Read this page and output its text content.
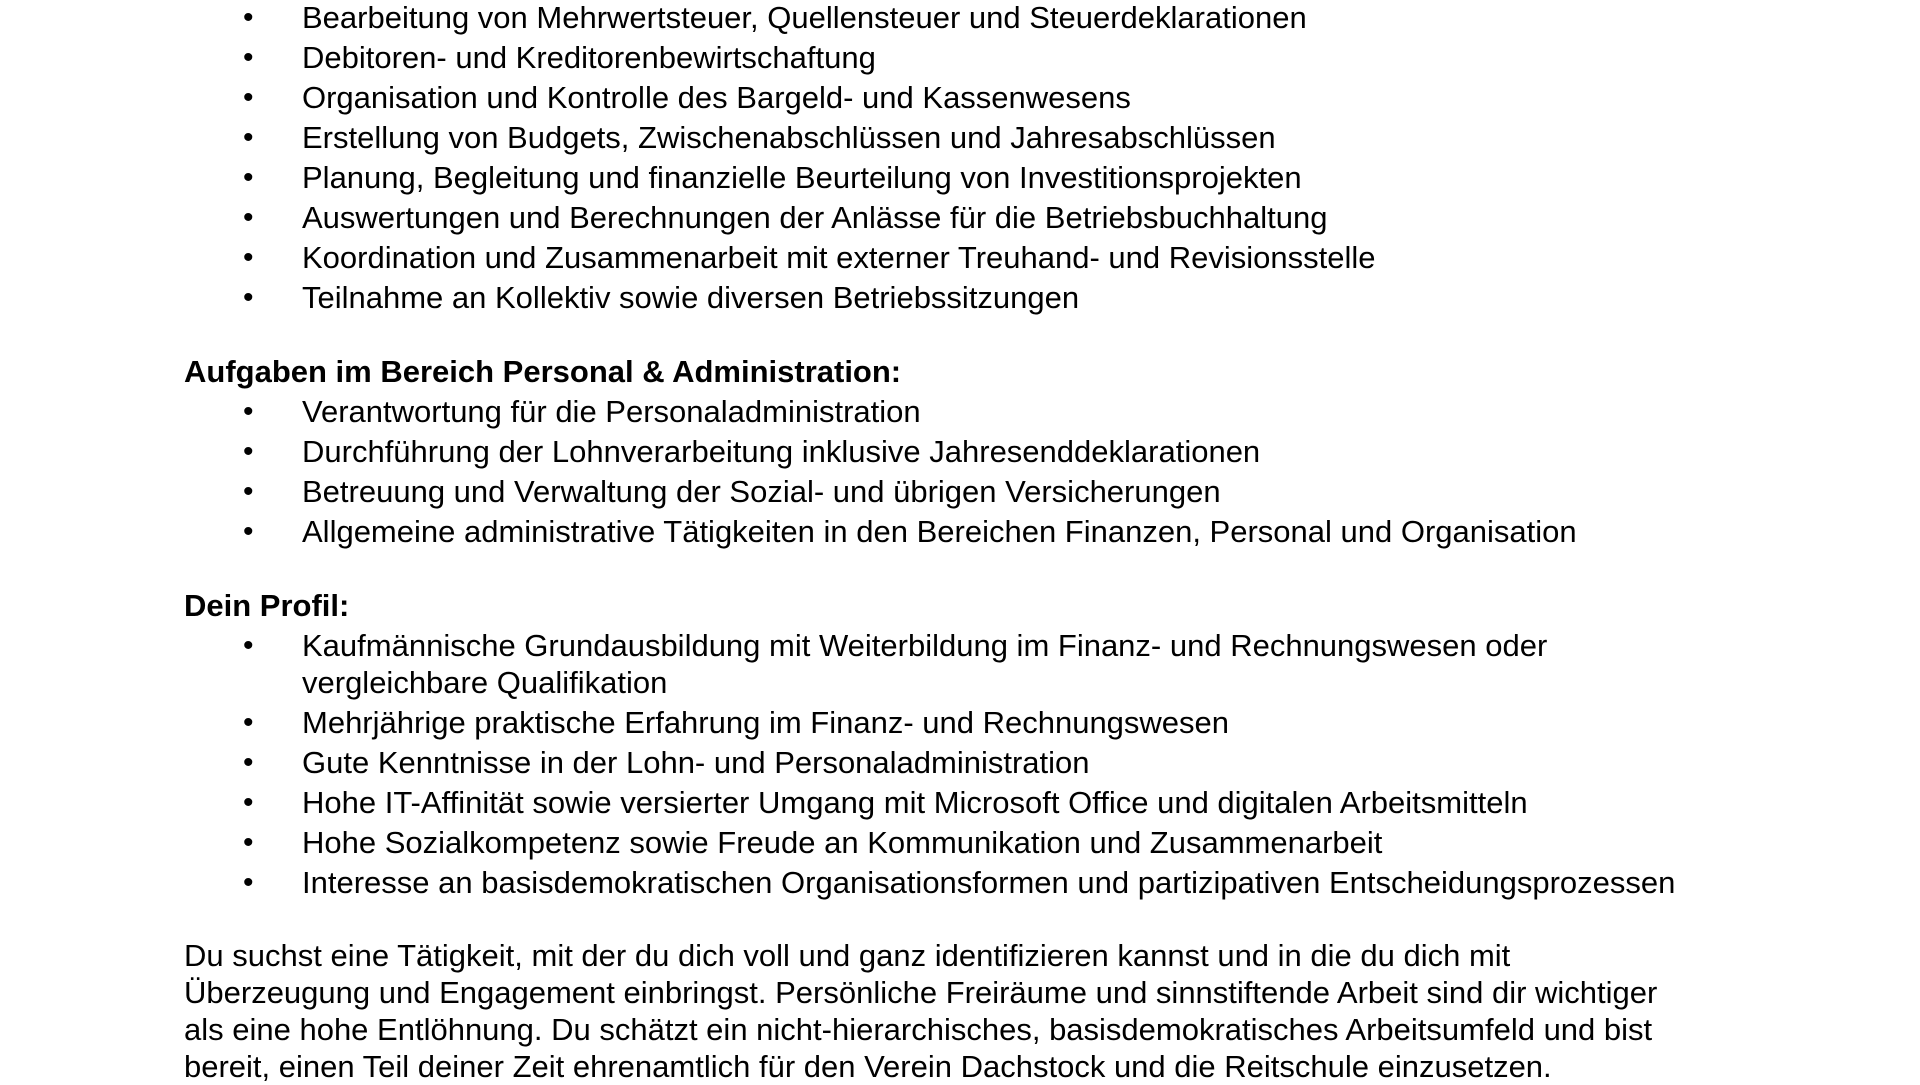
• Bearbeitung von Mehrwertsteuer, Quellensteuer und Steuerdeklarationen
• Debitoren- und Kreditorenbewirtschaftung
• Organisation und Kontrolle des Bargeld- und Kassenwesens
• Erstellung von Budgets, Zwischenabschlüssen und Jahresabschlüssen
• Planung, Begleitung und finanzielle Beurteilung von Investitionsprojekten
• Auswertungen und Berechnungen der Anlässe für die Betriebsbuchhaltung
• Koordination und Zusammenarbeit mit externer Treuhand- und Revisionsstelle
• Teilnahme an Kollektiv sowie diversen Betriebssitzungen
Aufgaben im Bereich Personal & Administration:
• Verantwortung für die Personaladministration
• Durchführung der Lohnverarbeitung inklusive Jahresenddeklarationen
• Betreuung und Verwaltung der Sozial- und übrigen Versicherungen
• Allgemeine administrative Tätigkeiten in den Bereichen Finanzen, Personal und Organisation
Dein Profil:
• Kaufmännische Grundausbildung mit Weiterbildung im Finanz- und Rechnungswesen oder
vergleichbare Qualifikation
• Mehrjährige praktische Erfahrung im Finanz- und Rechnungswesen
• Gute Kenntnisse in der Lohn- und Personaladministration
• Hohe IT-Affinität sowie versierter Umgang mit Microsoft Office und digitalen Arbeitsmitteln
• Hohe Sozialkompetenz sowie Freude an Kommunikation und Zusammenarbeit
• Interesse an basisdemokratischen Organisationsformen und partizipativen Entscheidungsprozessen
Du suchst eine Tätigkeit, mit der du dich voll und ganz identifizieren kannst und in die du dich mit
Überzeugung und Engagement einbringst. Persönliche Freiräume und sinnstiftende Arbeit sind dir wichtiger
als eine hohe Entlöhnung. Du schätzt ein nicht-hierarchisches, basisdemokratisches Arbeitsumfeld und bist
bereit, einen Teil deiner Zeit ehrenamtlich für den Verein Dachstock und die Reitschule einzusetzen.
